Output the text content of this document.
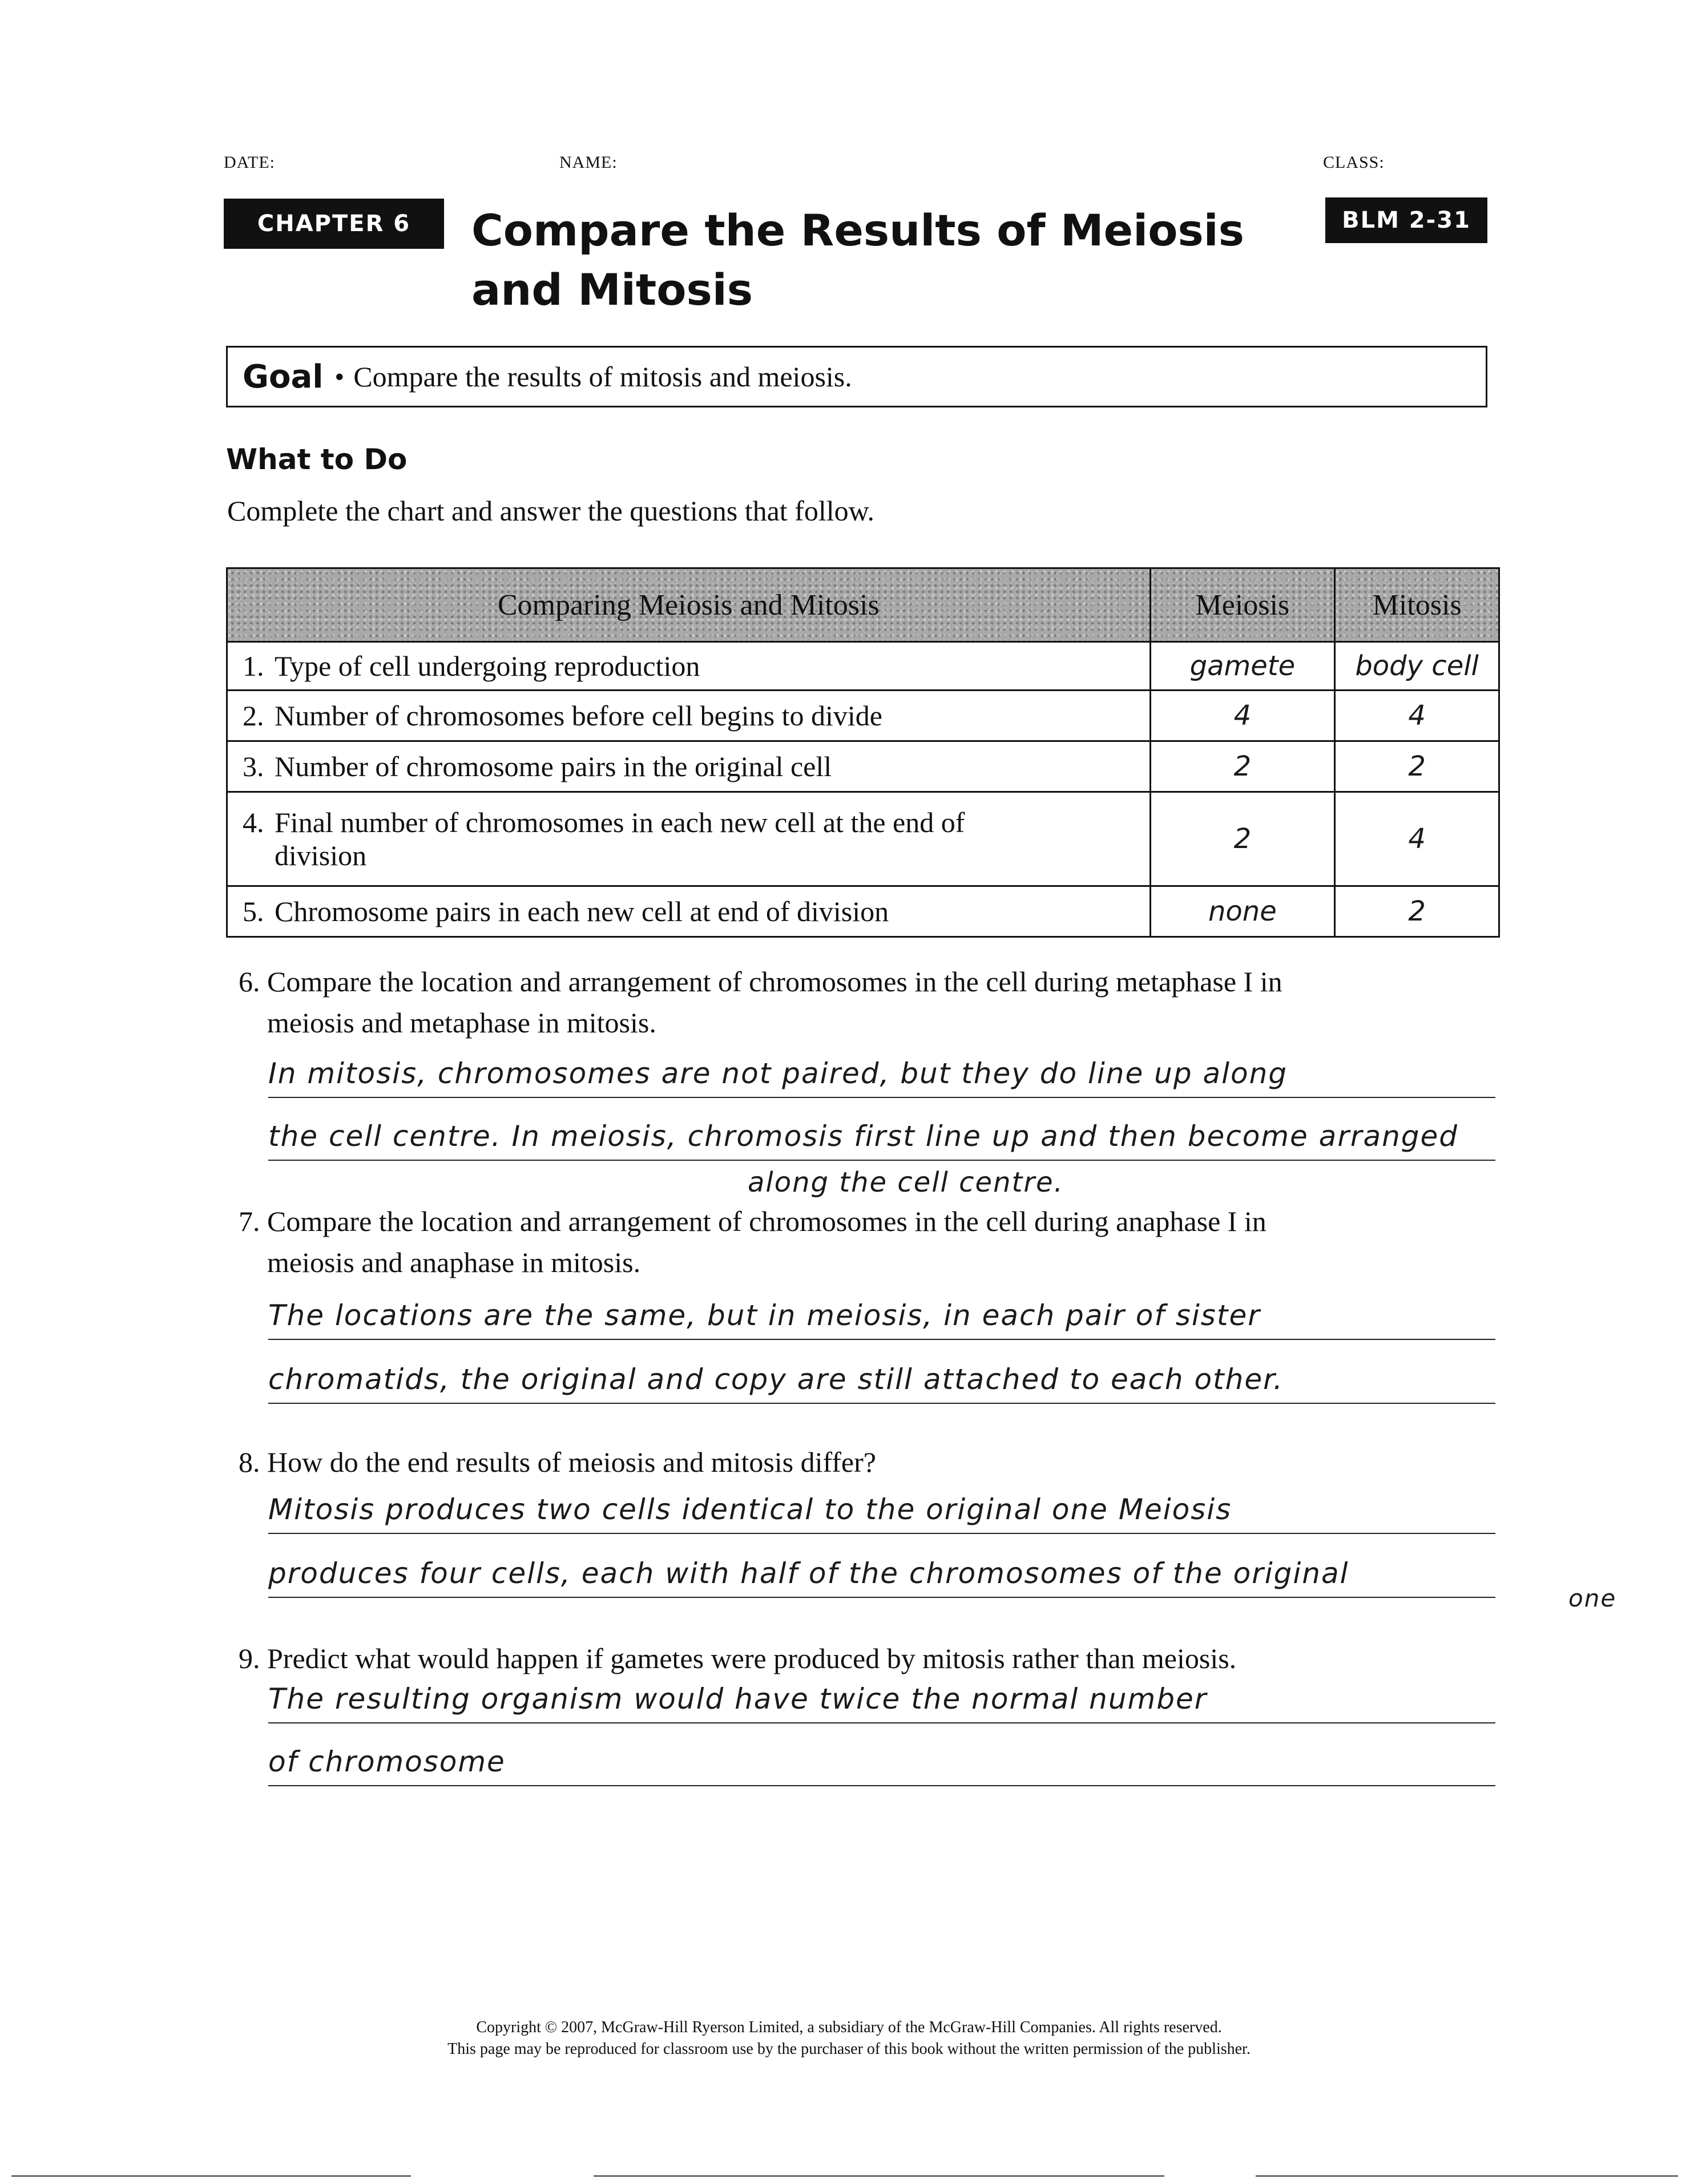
DATE:	NAME:	CLASS:
CHAPTER 6	Compare the Results of Meiosis and Mitosis
BLM 2-31
Goal • Compare the results of mitosis and meiosis.
What to Do
Complete the chart and answer the questions that follow.
Comparing Meiosis and Mitosis	Meiosis	Mitosis
1. Type of cell undergoing reproduction	gamete	body cell
2. Number of chromosomes before cell begins to divide	4	4
3. Number of chromosome pairs in the original cell	2	2

4. Final number of chromosomes in each new cell at the end of
division	2	4
5. Chromosome pairs in each new cell at end of division	none	2
6. Compare the location and arrangement of chromosomes in the cell during metaphase I in
meiosis and metaphase in mitosis.
In mitosis, chromosomes are not paired, but they do line up along
the cell centre. In meiosis, chromosis first line up and then become arranged
along the cell centre.
7. Compare the location and arrangement of chromosomes in the cell during anaphase I in
meiosis and anaphase in mitosis.
The locations are the same, but in meiosis, in each pair of sister
chromatids, the original and copy are still attached to each other.
8. How do the end results of meiosis and mitosis differ?
Mitosis produces two cells identical to the original one Meiosis
produces four cells, each with half of the chromosomes of the original
one
9. Predict what would happen if gametes were produced by mitosis rather than meiosis.
The resulting organism would have twice the normal number
of chromosome
Copyright © 2007, McGraw-Hill Ryerson Limited, a subsidiary of the McGraw-Hill Companies. All rights reserved.
This page may be reproduced for classroom use by the purchaser of this book without the written permission of the publisher.
